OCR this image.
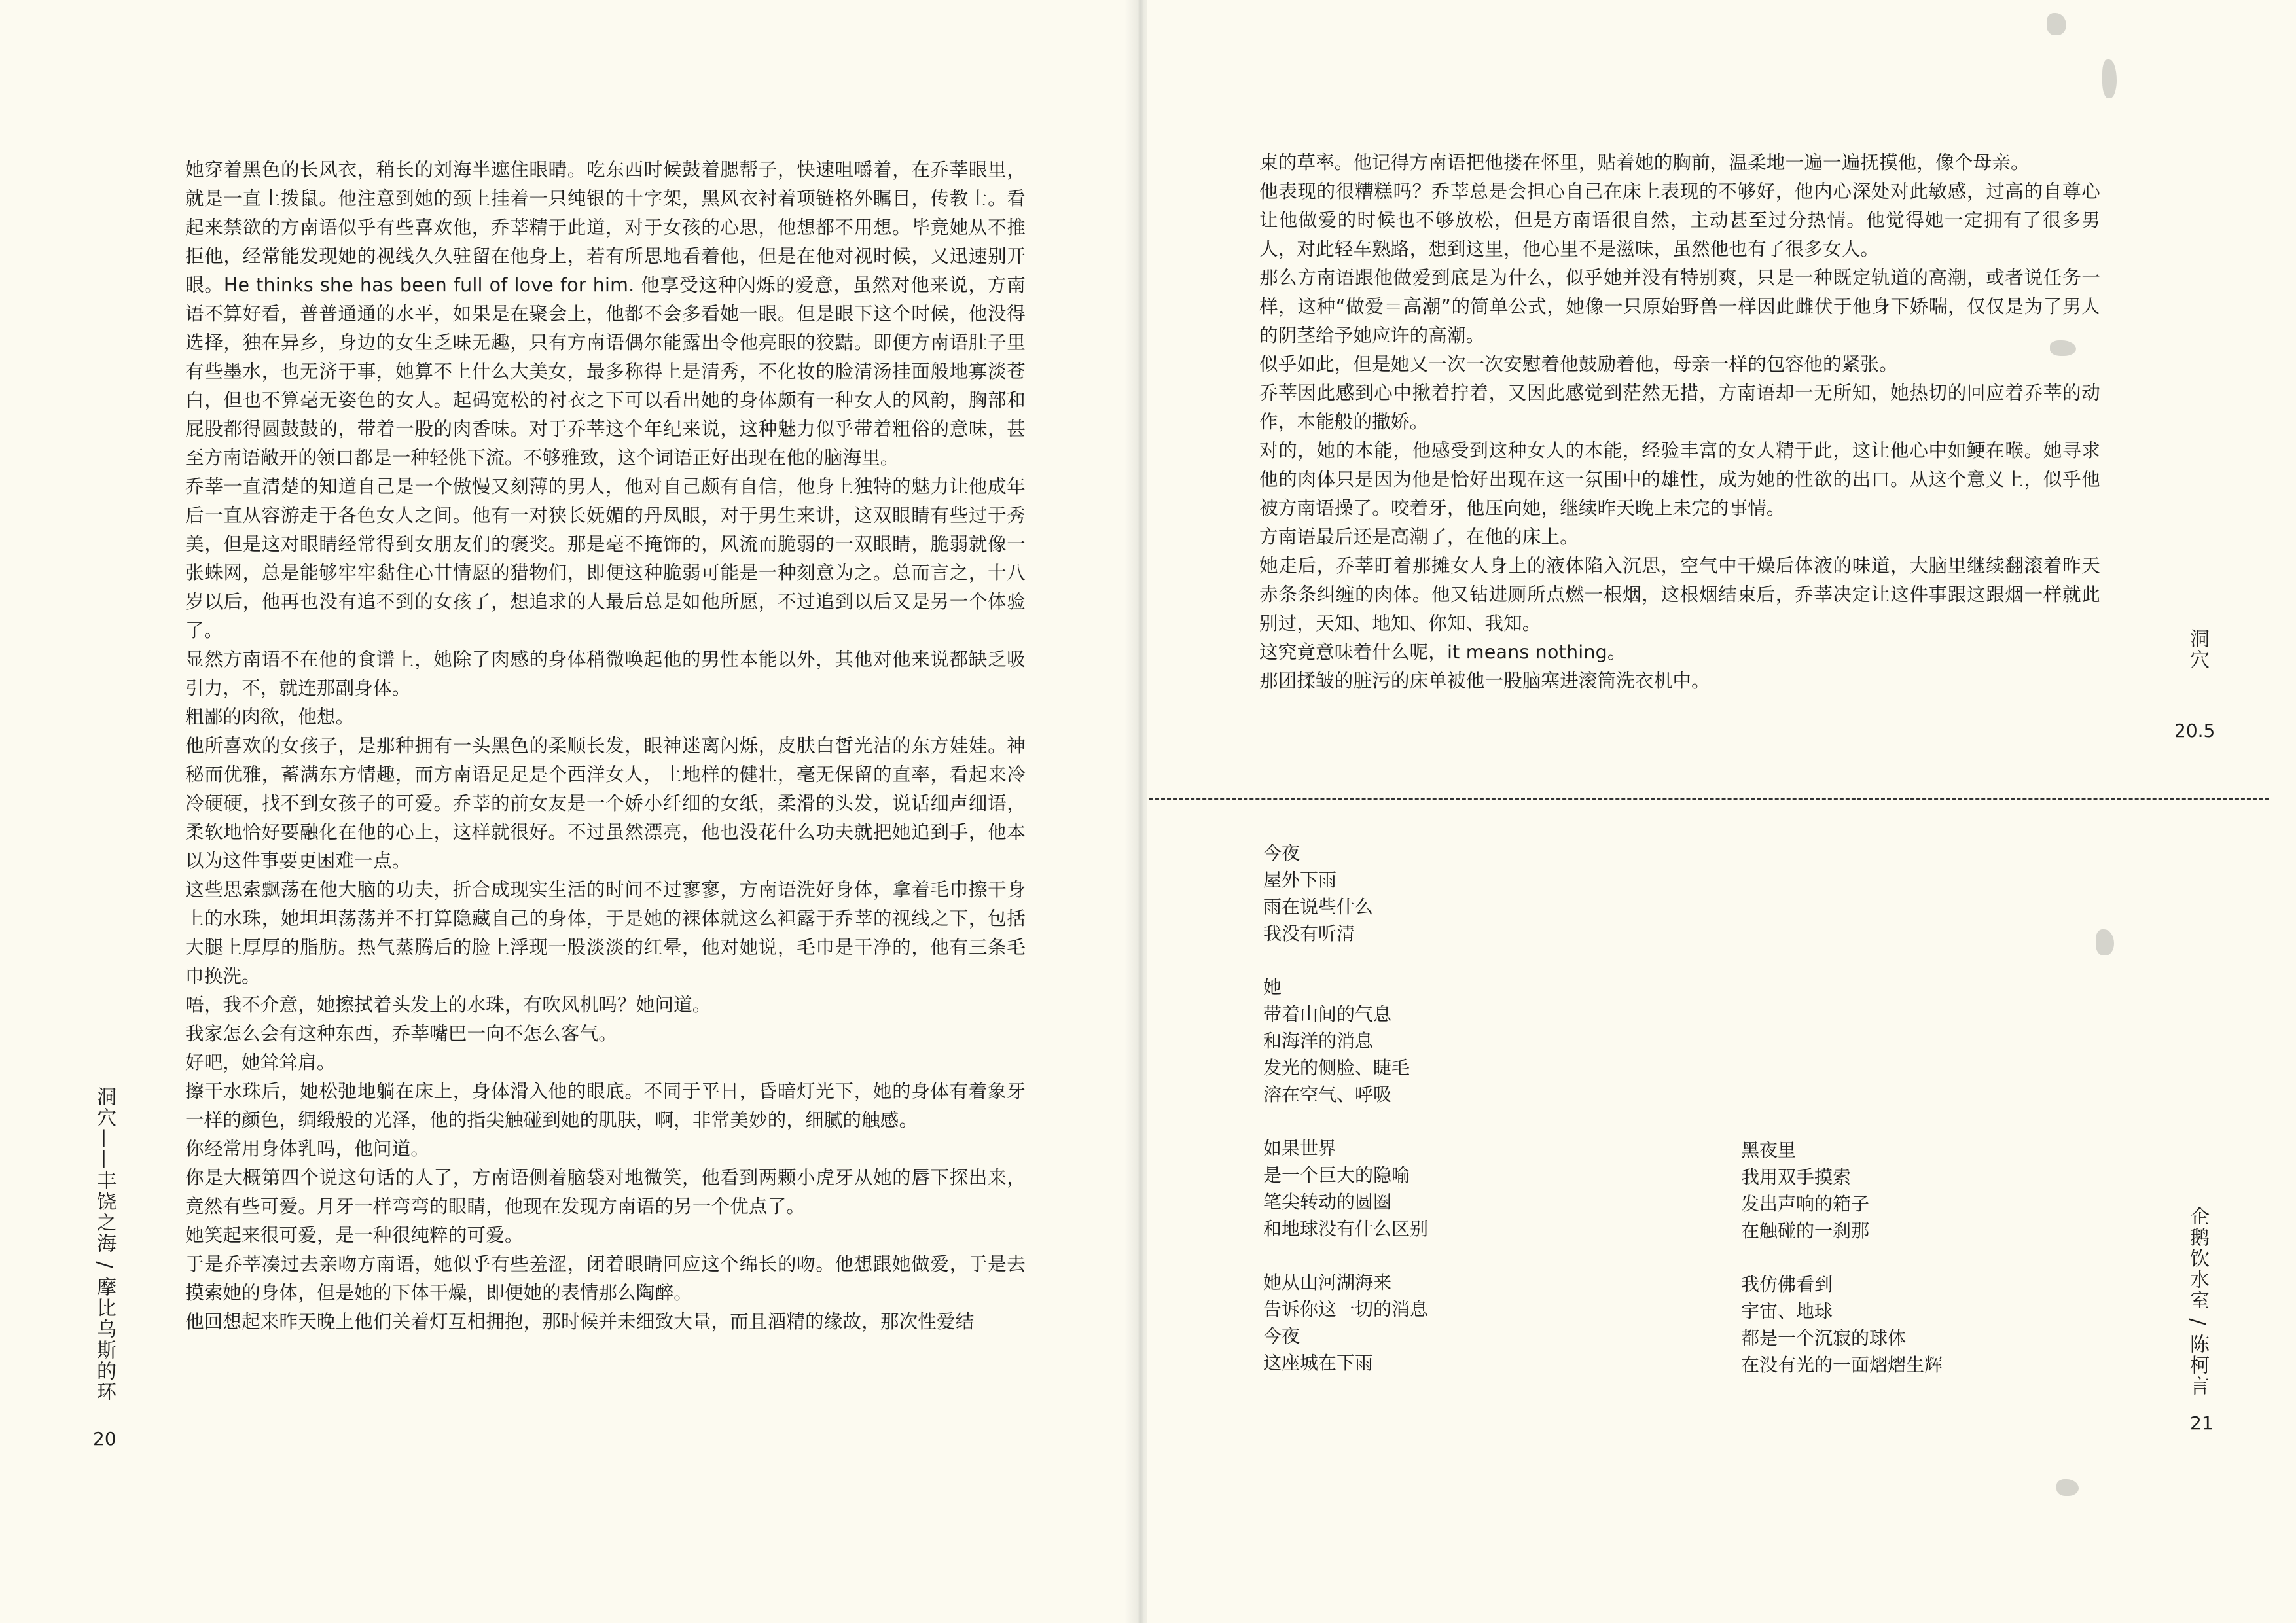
她穿着黑色的长风衣，稍长的刘海半遮住眼睛。吃东西时候鼓着腮帮子，快速咀嚼着，在乔莘眼里，就是一直土拨鼠。他注意到她的颈上挂着一只纯银的十字架，黑风衣衬着项链格外瞩目，传教士。看起来禁欲的方南语似乎有些喜欢他，乔莘精于此道，对于女孩的心思，他想都不用想。毕竟她从不推拒他，经常能发现她的视线久久驻留在他身上，若有所思地看着他，但是在他对视时候，又迅速别开眼。He thinks she has been full of love for him. 他享受这种闪烁的爱意，虽然对他来说，方南语不算好看，普普通通的水平，如果是在聚会上，他都不会多看她一眼。但是眼下这个时候，他没得选择，独在异乡，身边的女生乏味无趣，只有方南语偶尔能露出令他亮眼的狡黠。即便方南语肚子里有些墨水，也无济于事，她算不上什么大美女，最多称得上是清秀，不化妆的脸清汤挂面般地寡淡苍白，但也不算毫无姿色的女人。起码宽松的衬衣之下可以看出她的身体颇有一种女人的风韵，胸部和屁股都得圆鼓鼓的，带着一股的肉香味。对于乔莘这个年纪来说，这种魅力似乎带着粗俗的意味，甚至方南语敞开的领口都是一种轻佻下流。不够雅致，这个词语正好出现在他的脑海里。

乔莘一直清楚的知道自己是一个傲慢又刻薄的男人，他对自己颇有自信，他身上独特的魅力让他成年后一直从容游走于各色女人之间。他有一对狭长妩媚的丹凤眼，对于男生来讲，这双眼睛有些过于秀美，但是这对眼睛经常得到女朋友们的褒奖。那是毫不掩饰的，风流而脆弱的一双眼睛，脆弱就像一张蛛网，总是能够牢牢黏住心甘情愿的猎物们，即便这种脆弱可能是一种刻意为之。总而言之，十八岁以后，他再也没有追不到的女孩了，想追求的人最后总是如他所愿，不过追到以后又是另一个体验了。

显然方南语不在他的食谱上，她除了肉感的身体稍微唤起他的男性本能以外，其他对他来说都缺乏吸引力，不，就连那副身体。

粗鄙的肉欲，他想。

他所喜欢的女孩子，是那种拥有一头黑色的柔顺长发，眼神迷离闪烁，皮肤白皙光洁的东方娃娃。神秘而优雅，蓄满东方情趣，而方南语足足是个西洋女人，土地样的健壮，毫无保留的直率，看起来冷冷硬硬，找不到女孩子的可爱。乔莘的前女友是一个娇小纤细的女纸，柔滑的头发，说话细声细语，柔软地恰好要融化在他的心上，这样就很好。不过虽然漂亮，他也没花什么功夫就把她追到手，他本以为这件事要更困难一点。

这些思索飘荡在他大脑的功夫，折合成现实生活的时间不过寥寥，方南语洗好身体，拿着毛巾擦干身上的水珠，她坦坦荡荡并不打算隐藏自己的身体，于是她的裸体就这么袒露于乔莘的视线之下，包括大腿上厚厚的脂肪。热气蒸腾后的脸上浮现一股淡淡的红晕，他对她说，毛巾是干净的，他有三条毛巾换洗。

唔，我不介意，她擦拭着头发上的水珠，有吹风机吗？她问道。

我家怎么会有这种东西，乔莘嘴巴一向不怎么客气。

好吧，她耸耸肩。

擦干水珠后，她松弛地躺在床上，身体滑入他的眼底。不同于平日，昏暗灯光下，她的身体有着象牙一样的颜色，绸缎般的光泽，他的指尖触碰到她的肌肤，啊，非常美妙的，细腻的触感。

你经常用身体乳吗，他问道。

你是大概第四个说这句话的人了，方南语侧着脑袋对地微笑，他看到两颗小虎牙从她的唇下探出来，竟然有些可爱。月牙一样弯弯的眼睛，他现在发现方南语的另一个优点了。

她笑起来很可爱，是一种很纯粹的可爱。

于是乔莘凑过去亲吻方南语，她似乎有些羞涩，闭着眼睛回应这个绵长的吻。他想跟她做爱，于是去摸索她的身体，但是她的下体干燥，即便她的表情那么陶醉。

他回想起来昨天晚上他们关着灯互相拥抱，那时候并未细致大量，而且酒精的缘故，那次性爱结

洞穴——丰饶之海 / 摩比乌斯的环
20

束的草率。他记得方南语把他搂在怀里，贴着她的胸前，温柔地一遍一遍抚摸他，像个母亲。

他表现的很糟糕吗？乔莘总是会担心自己在床上表现的不够好，他内心深处对此敏感，过高的自尊心让他做爱的时候也不够放松，但是方南语很自然，主动甚至过分热情。他觉得她一定拥有了很多男人，对此轻车熟路，想到这里，他心里不是滋味，虽然他也有了很多女人。

那么方南语跟他做爱到底是为什么，似乎她并没有特别爽，只是一种既定轨道的高潮，或者说任务一样，这种“做爱＝高潮”的简单公式，她像一只原始野兽一样因此雌伏于他身下娇喘，仅仅是为了男人的阴茎给予她应许的高潮。

似乎如此，但是她又一次一次安慰着他鼓励着他，母亲一样的包容他的紧张。

乔莘因此感到心中揪着拧着，又因此感觉到茫然无措，方南语却一无所知，她热切的回应着乔莘的动作，本能般的撒娇。

对的，她的本能，他感受到这种女人的本能，经验丰富的女人精于此，这让他心中如鲠在喉。她寻求他的肉体只是因为他是恰好出现在这一氛围中的雄性，成为她的性欲的出口。从这个意义上，似乎他被方南语操了。咬着牙，他压向她，继续昨天晚上未完的事情。

方南语最后还是高潮了，在他的床上。

她走后，乔莘盯着那摊女人身上的液体陷入沉思，空气中干燥后体液的味道，大脑里继续翻滚着昨天赤条条纠缠的肉体。他又钻进厕所点燃一根烟，这根烟结束后，乔莘决定让这件事跟这跟烟一样就此别过，天知、地知、你知、我知。

这究竟意味着什么呢，it means nothing。

那团揉皱的脏污的床单被他一股脑塞进滚筒洗衣机中。

今夜
屋外下雨
雨在说些什么
我没有听清
她
带着山间的气息
和海洋的消息
发光的侧脸、睫毛
溶在空气、呼吸
如果世界
是一个巨大的隐喻
笔尖转动的圆圈
和地球没有什么区别
她从山河湖海来
告诉你这一切的消息
今夜
这座城在下雨
黑夜里
我用双手摸索
发出声响的箱子
在触碰的一刹那
我仿佛看到
宇宙、地球
都是一个沉寂的球体
在没有光的一面熠熠生辉
洞穴
20.5
企鹅饮水室 / 陈柯言
21
